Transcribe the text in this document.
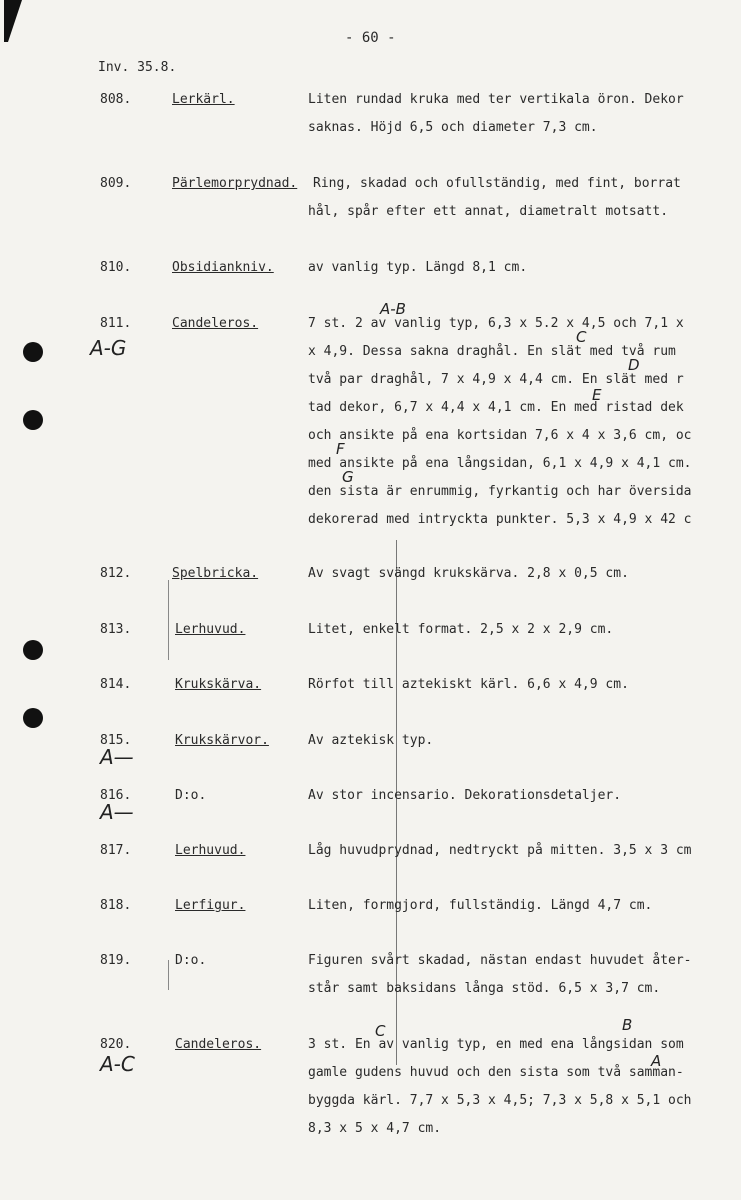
- 60 -
Inv. 35.8.
808.	Lerkärl.	Liten rundad kruka med ter vertikala öron. Dekor
saknas. Höjd 6,5 och diameter 7,3 cm.
809.	Pärlemorprydnad. Ring, skadad och ofullständig, med fint, borrat
hål, spår efter ett annat, diametralt motsatt.
810.	Obsidiankniv.	av vanlig typ. Längd 8,1 cm.
811.	Candeleros.	7 st. 2 av vanlig typ, 6,3 x 5.2 x 4,5 och 7,1 x
x 4,9. Dessa sakna draghål. En slät med två rum
två par draghål, 7 x 4,9 x 4,4 cm. En slät med r
tad dekor, 6,7 x 4,4 x 4,1 cm. En med ristad dek
och ansikte på ena kortsidan 7,6 x 4 x 3,6 cm, oc
med ansikte på ena långsidan, 6,1 x 4,9 x 4,1 cm.
den sista är enrummig, fyrkantig och har översida
dekorerad med intryckta punkter. 5,3 x 4,9 x 42 c
A-G
A-B
C
D
E
F
G
812.	Spelbricka.	Av svagt svängd krukskärva. 2,8 x 0,5 cm.
813.	Lerhuvud.	Litet, enkelt format. 2,5 x 2 x 2,9 cm.
814.	Krukskärva.	Rörfot till aztekiskt kärl. 6,6 x 4,9 cm.
815.	Krukskärvor.	Av aztekisk typ.
A—
816.	D:o.	Av stor incensario. Dekorationsdetaljer.
A—
817.	Lerhuvud.	Låg huvudprydnad, nedtryckt på mitten. 3,5 x 3 cm
818.	Lerfigur.	Liten, formgjord, fullständig. Längd 4,7 cm.
819.	D:o.	Figuren svårt skadad, nästan endast huvudet åter-
står samt baksidans långa stöd. 6,5 x 3,7 cm.
820.	Candeleros.	3 st. En av vanlig typ, en med ena långsidan som
gamle gudens huvud och den sista som två samman-
byggda kärl. 7,7 x 5,3 x 4,5; 7,3 x 5,8 x 5,1 och
8,3 x 5 x 4,7 cm.
A-C
C	B
A
